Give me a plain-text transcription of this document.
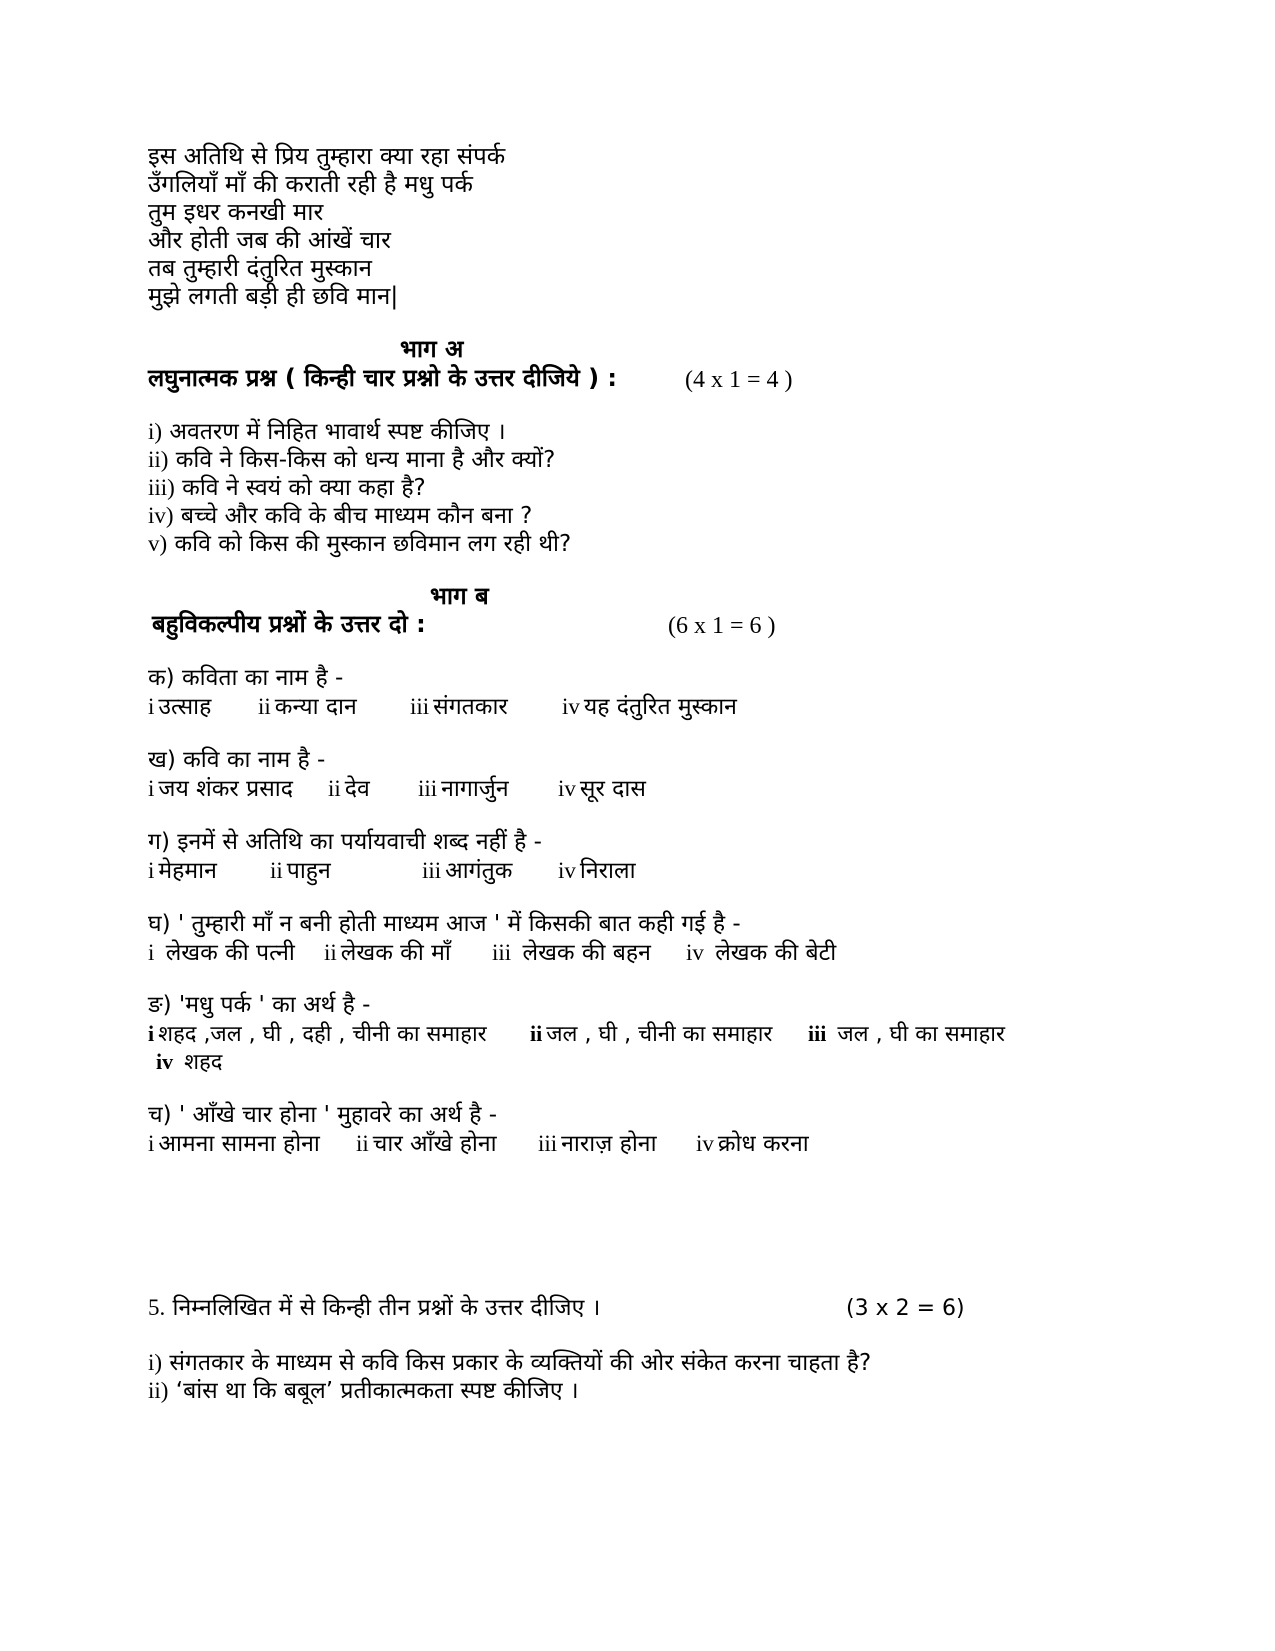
इस अतिथि से प्रिय तुम्हारा क्या रहा संपर्क
उँगलियाँ माँ की कराती रही है मधु पर्क
तुम इधर कनखी मार
और होती जब की आंखें चार
तब तुम्हारी दंतुरित मुस्कान
मुझे लगती बड़ी ही छवि मान|
भाग अ
लघुनात्मक प्रश्न ( किन्ही चार प्रश्नो के उत्तर दीजिये ) :	(4 x 1 = 4 )
i) अवतरण में निहित भावार्थ स्पष्ट कीजिए ।
ii) कवि ने किस-किस को धन्य माना है और क्यों?
iii) कवि ने स्वयं को क्या कहा है?
iv) बच्चे और कवि के बीच माध्यम कौन बना ?
v) कवि को किस की मुस्कान छविमान लग रही थी?
भाग ब
बहुविकल्पीय प्रश्नों के उत्तर दो :	(6 x 1 = 6 )
क) कविता का नाम है -
i उत्साह ii कन्या दान iii संगतकार iv यह दंतुरित मुस्कान
ख) कवि का नाम है -
i जय शंकर प्रसाद ii देव iii नागार्जुन iv सूर दास
ग) इनमें से अतिथि का पर्यायवाची शब्द नहीं है -
i मेहमान ii पाहुन	iii आगंतुक iv निराला
घ) ' तुम्हारी माँ न बनी होती माध्यम आज ' में किसकी बात कही गई है -
i लेखक की पत्नी ii लेखक की माँ iii लेखक की बहन iv लेखक की बेटी
ङ) 'मधु पर्क ' का अर्थ है -
i शहद ,जल , घी , दही , चीनी का समाहार ii जल , घी , चीनी का समाहार iii जल , घी का समाहार
iv शहद
च) ' आँखे चार होना ' मुहावरे का अर्थ है -
i आमना सामना होना ii चार आँखे होना iii नाराज़ होना iv क्रोध करना
5. निम्नलिखित में से किन्ही तीन प्रश्नों के उत्तर दीजिए ।	(3 x 2 = 6)
i) संगतकार के माध्यम से कवि किस प्रकार के व्यक्तियों की ओर संकेत करना चाहता है?
ii) ‘बांस था कि बबूल’ प्रतीकात्मकता स्पष्ट कीजिए ।
